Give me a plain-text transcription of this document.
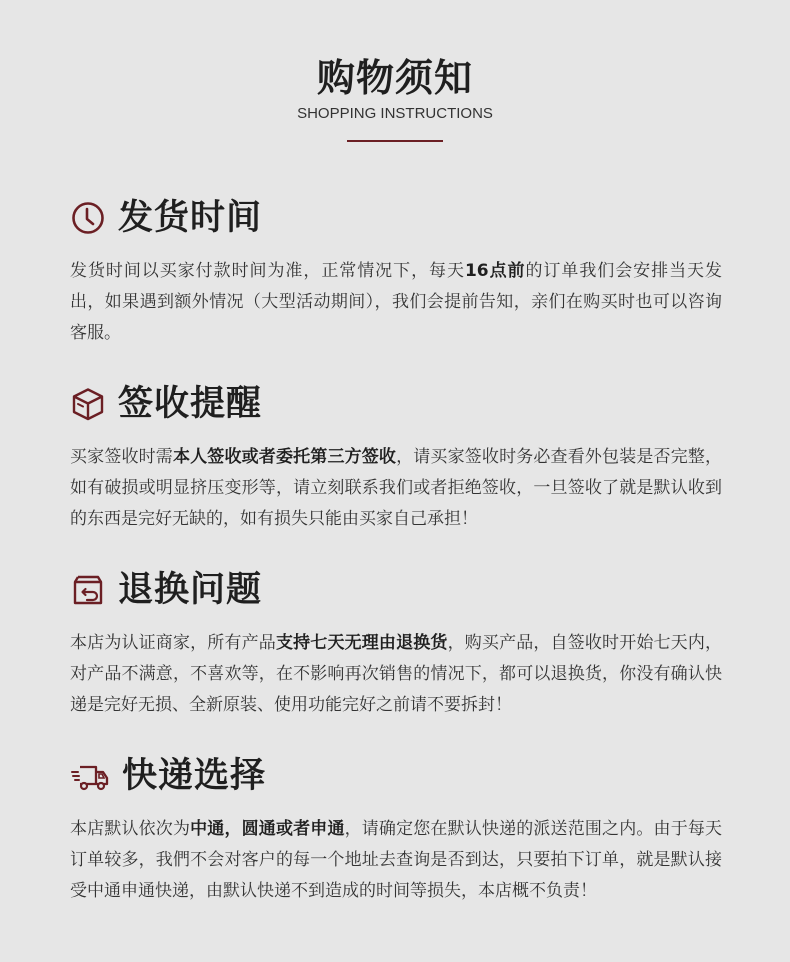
购物须知
SHOPPING INSTRUCTIONS
发货时间
发货时间以买家付款时间为准，正常情况下，每天16点前的订单我们会安排当天发出，如果遇到额外情况（大型活动期间），我们会提前告知，亲们在购买时也可以咨询客服。
签收提醒
买家签收时需本人签收或者委托第三方签收，请买家签收时务必查看外包装是否完整，如有破损或明显挤压变形等，请立刻联系我们或者拒绝签收，一旦签收了就是默认收到的东西是完好无缺的，如有损失只能由买家自己承担！
退换问题
本店为认证商家，所有产品支持七天无理由退换货，购买产品，自签收时开始七天内，对产品不满意，不喜欢等，在不影响再次销售的情况下，都可以退换货，你没有确认快递是完好无损、全新原装、使用功能完好之前请不要拆封！
快递选择
本店默认依次为中通，圆通或者申通，请确定您在默认快递的派送范围之内。由于每天订单较多，我們不会对客户的每一个地址去查询是否到达，只要拍下订单，就是默认接受中通申通快递，由默认快递不到造成的时间等损失，本店概不负责！
